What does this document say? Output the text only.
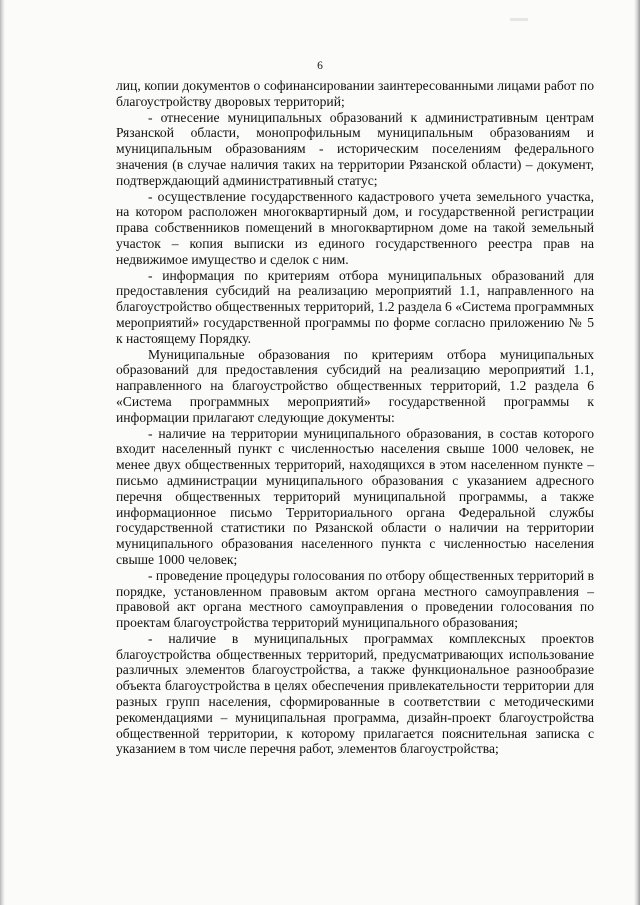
6

лиц, копии документов о софинансировании заинтересованными лицами работ по благоустройству дворовых территорий;

- отнесение муниципальных образований к административным центрам Рязанской области, монопрофильным муниципальным образованиям и муниципальным образованиям - историческим поселениям федерального значения (в случае наличия таких на территории Рязанской области) – документ, подтверждающий административный статус;

- осуществление государственного кадастрового учета земельного участка, на котором расположен многоквартирный дом, и государственной регистрации права собственников помещений в многоквартирном доме на такой земельный участок – копия выписки из единого государственного реестра прав на недвижимое имущество и сделок с ним.

- информация по критериям отбора муниципальных образований для предоставления субсидий на реализацию мероприятий 1.1, направленного на благоустройство общественных территорий, 1.2 раздела 6 «Система программных мероприятий» государственной программы по форме согласно приложению № 5 к настоящему Порядку.

Муниципальные образования по критериям отбора муниципальных образований для предоставления субсидий на реализацию мероприятий 1.1, направленного на благоустройство общественных территорий, 1.2 раздела 6 «Система программных мероприятий» государственной программы к информации прилагают следующие документы:

- наличие на территории муниципального образования, в состав которого входит населенный пункт с численностью населения свыше 1000 человек, не менее двух общественных территорий, находящихся в этом населенном пункте – письмо администрации муниципального образования с указанием адресного перечня общественных территорий муниципальной программы, а также информационное письмо Территориального органа Федеральной службы государственной статистики по Рязанской области о наличии на территории муниципального образования населенного пункта с численностью населения свыше 1000 человек;

- проведение процедуры голосования по отбору общественных территорий в порядке, установленном правовым актом органа местного самоуправления – правовой акт органа местного самоуправления о проведении голосования по проектам благоустройства территорий муниципального образования;

- наличие в муниципальных программах комплексных проектов благоустройства общественных территорий, предусматривающих использование различных элементов благоустройства, а также функциональное разнообразие объекта благоустройства в целях обеспечения привлекательности территории для разных групп населения, сформированные в соответствии с методическими рекомендациями – муниципальная программа, дизайн-проект благоустройства общественной территории, к которому прилагается пояснительная записка с указанием в том числе перечня работ, элементов благоустройства;
